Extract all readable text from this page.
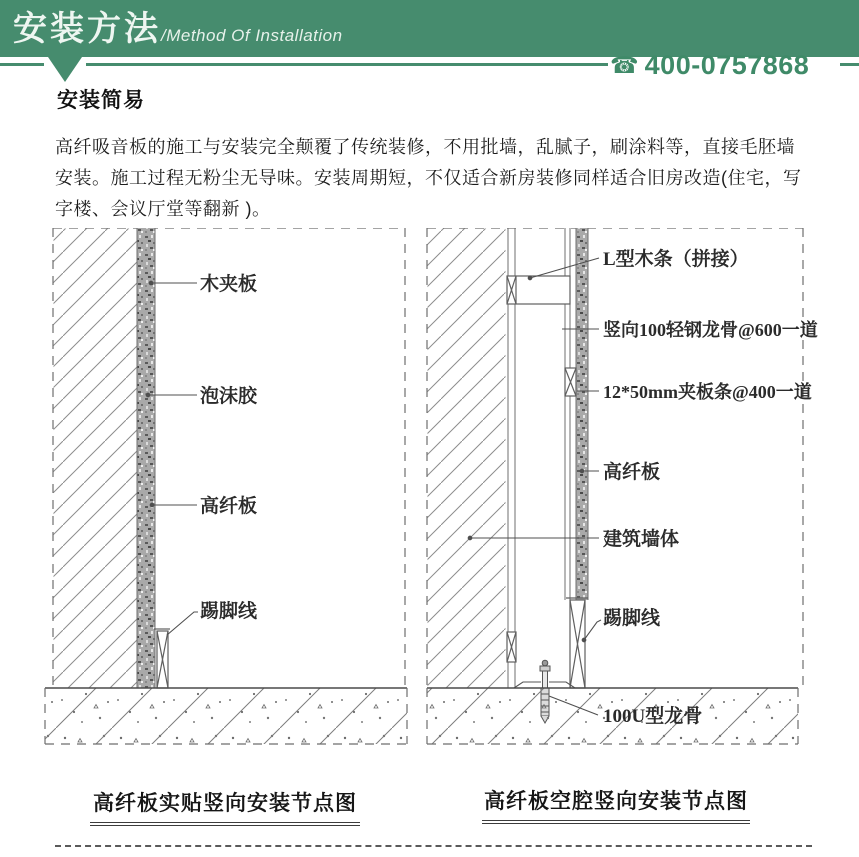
安装方法 /Method Of Installation
☎ 400-0757868
安装简易
高纤吸音板的施工与安装完全颠覆了传统装修，不用批墙，乱腻子，刷涂料等，直接毛胚墙安装。施工过程无粉尘无导味。安装周期短，不仅适合新房装修同样适合旧房改造(住宅，写字楼、会议厅堂等翻新 )。
木夹板
泡沫胶
高纤板
踢脚线
L型木条（拼接）
竖向100轻钢龙骨@600一道
12*50mm夹板条@400一道
高纤板
建筑墙体
踢脚线
100U型龙骨
高纤板实贴竖向安装节点图	高纤板空腔竖向安装节点图
